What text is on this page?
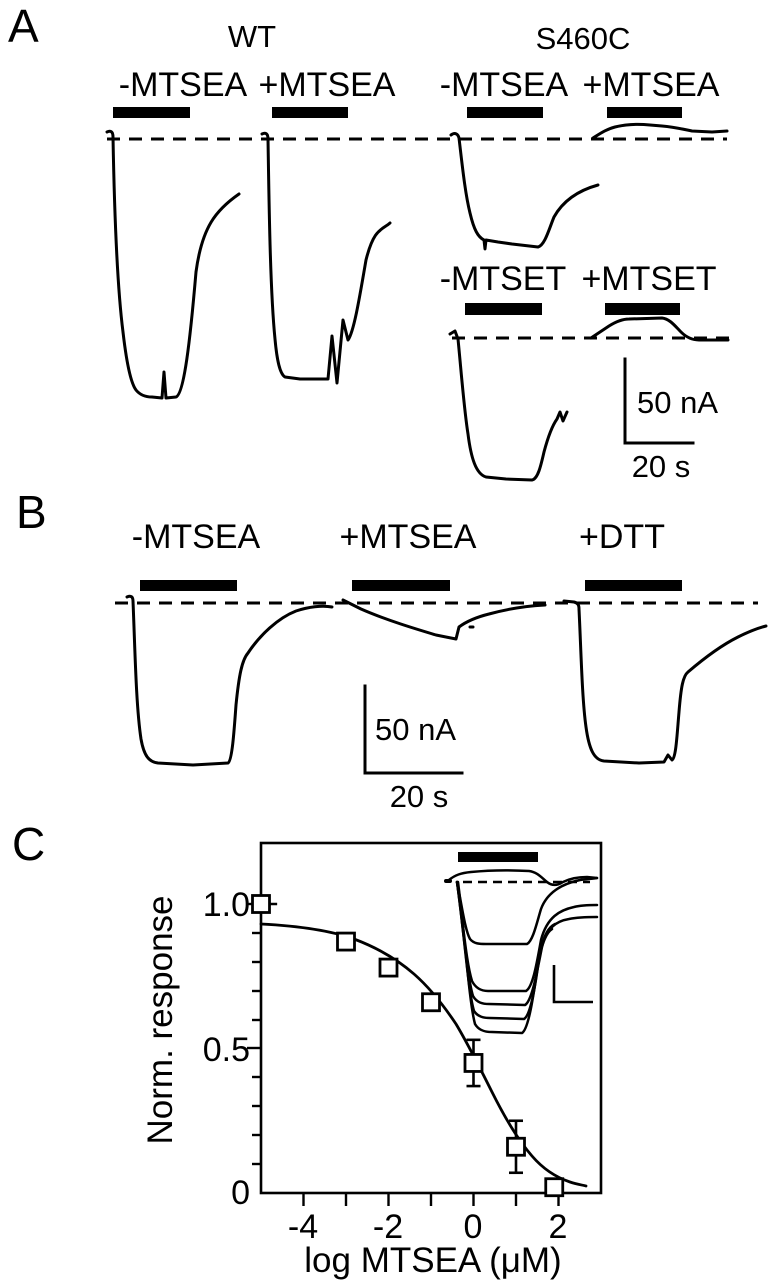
A	WT	S460C
-MTSEA +MTSEA -MTSEA +MTSEA
-MTSET +MTSET
50 nA
20 s
B	-MTSEA +MTSEA	+DTT
50 nA
20 s
C
Norm. response 1.0
0.5
0
-4 -2 0 2
log MTSEA (μM)
